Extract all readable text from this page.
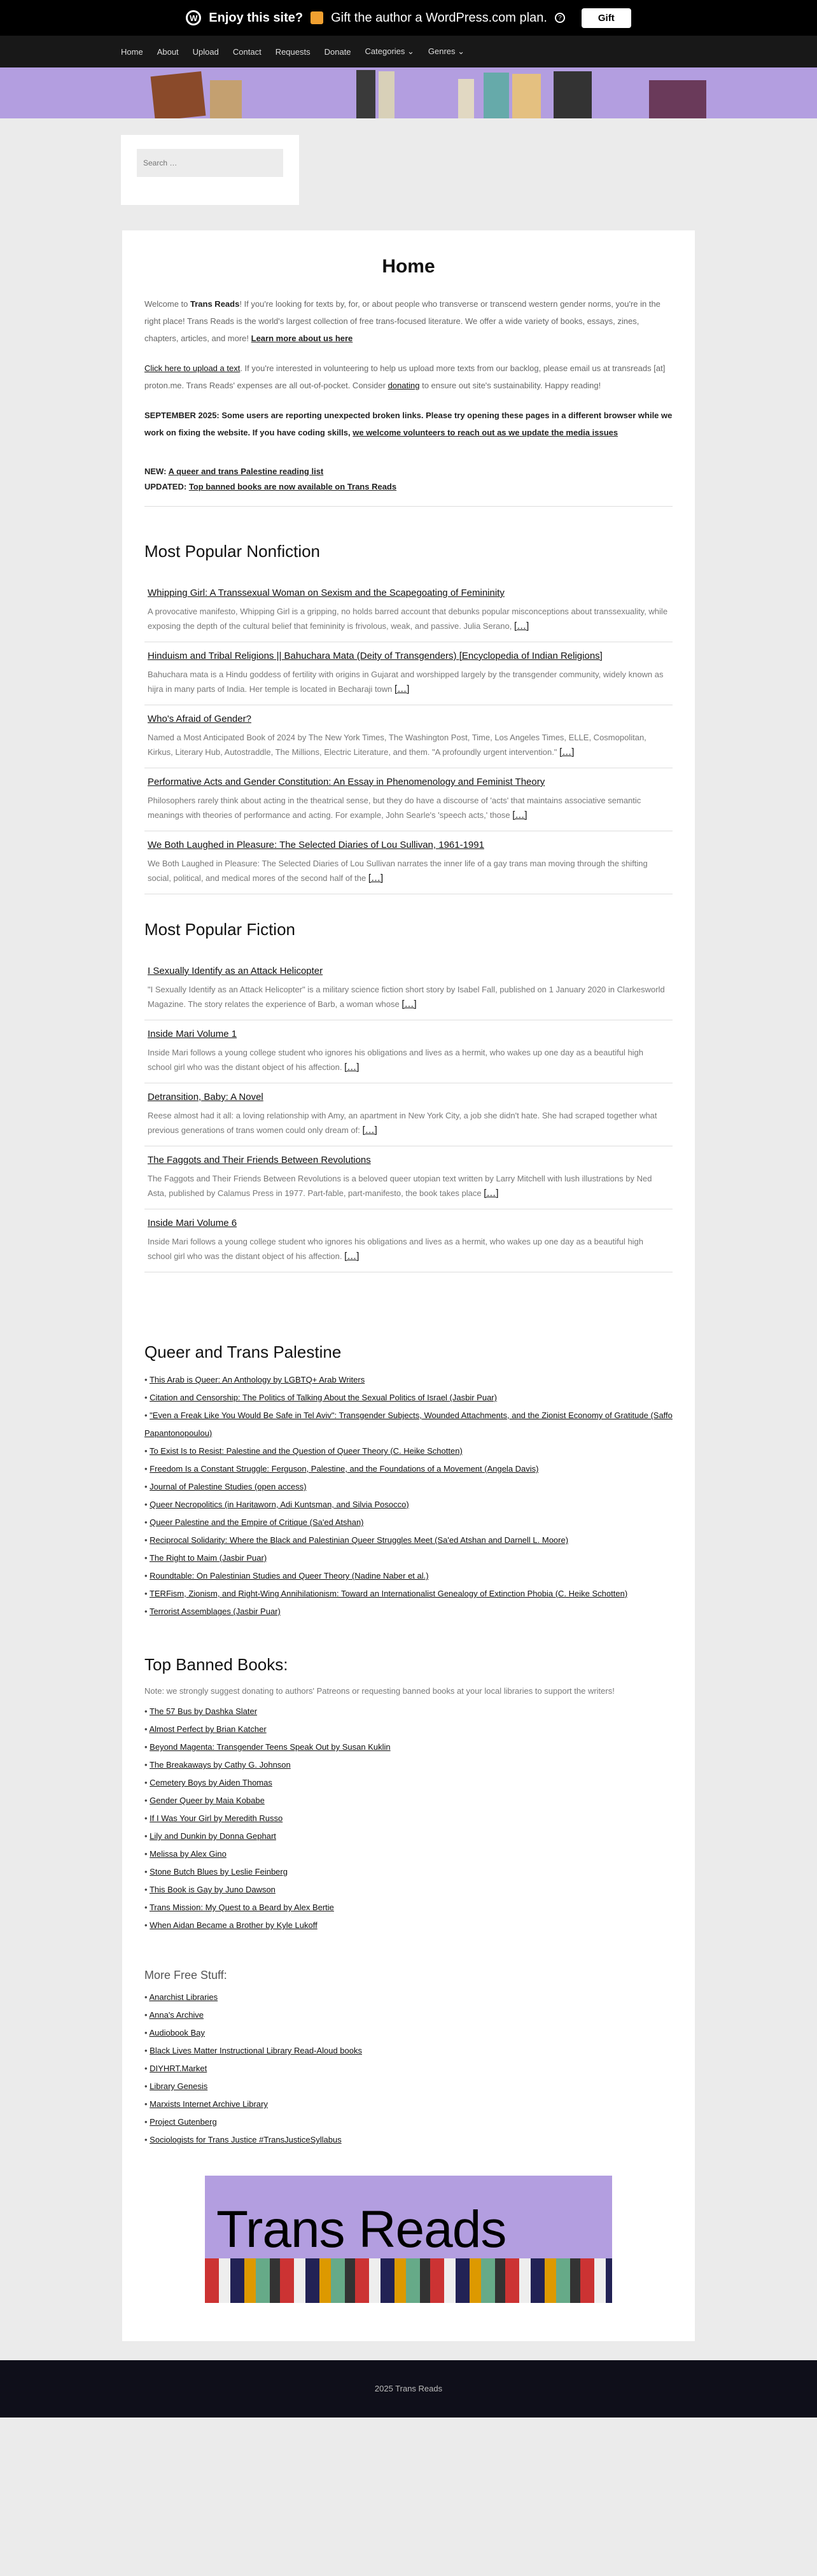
W Enjoy this site? Gift the author a WordPress.com plan.	?	Gift
Home About Upload Contact Requests Donate Categories ⌄ Genres ⌄
Search …
Home

Welcome to Trans Reads! If you're looking for texts by, for, or about people who transverse or transcend western gender norms, you're in the right place! Trans Reads is the world's largest collection of free trans-focused literature. We offer a wide variety of books, essays, zines, chapters, articles, and more! Learn more about us here

Click here to upload a text. If you're interested in volunteering to help us upload more texts from our backlog, please email us at transreads [at] proton.me. Trans Reads' expenses are all out-of-pocket. Consider donating to ensure out site's sustainability. Happy reading!

SEPTEMBER 2025: Some users are reporting unexpected broken links. Please try opening these pages in a different browser while we work on fixing the website. If you have coding skills, we welcome volunteers to reach out as we update the media issues

NEW: A queer and trans Palestine reading list

UPDATED: Top banned books are now available on Trans Reads

Most Popular Nonfiction
Whipping Girl: A Transsexual Woman on Sexism and the Scapegoating of Femininity

A provocative manifesto, Whipping Girl is a gripping, no holds barred account that debunks popular misconceptions about transsexuality, while exposing the depth of the cultural belief that femininity is frivolous, weak, and passive. Julia Serano, […]

Hinduism and Tribal Religions || Bahuchara Mata (Deity of Transgenders) [Encyclopedia of Indian Religions]

Bahuchara mata is a Hindu goddess of fertility with origins in Gujarat and worshipped largely by the transgender community, widely known as hijra in many parts of India. Her temple is located in Becharaji town […]

Who's Afraid of Gender?

Named a Most Anticipated Book of 2024 by The New York Times, The Washington Post, Time, Los Angeles Times, ELLE, Cosmopolitan, Kirkus, Literary Hub, Autostraddle, The Millions, Electric Literature, and them. "A profoundly urgent intervention." […]

Performative Acts and Gender Constitution: An Essay in Phenomenology and Feminist Theory

Philosophers rarely think about acting in the theatrical sense, but they do have a discourse of 'acts' that maintains associative semantic meanings with theories of performance and acting. For example, John Searle's 'speech acts,' those […]

We Both Laughed in Pleasure: The Selected Diaries of Lou Sullivan, 1961-1991

We Both Laughed in Pleasure: The Selected Diaries of Lou Sullivan narrates the inner life of a gay trans man moving through the shifting social, political, and medical mores of the second half of the […]

Most Popular Fiction
I Sexually Identify as an Attack Helicopter

"I Sexually Identify as an Attack Helicopter" is a military science fiction short story by Isabel Fall, published on 1 January 2020 in Clarkesworld Magazine. The story relates the experience of Barb, a woman whose […]

Inside Mari Volume 1

Inside Mari follows a young college student who ignores his obligations and lives as a hermit, who wakes up one day as a beautiful high school girl who was the distant object of his affection. […]

Detransition, Baby: A Novel

Reese almost had it all: a loving relationship with Amy, an apartment in New York City, a job she didn't hate. She had scraped together what previous generations of trans women could only dream of: […]

The Faggots and Their Friends Between Revolutions

The Faggots and Their Friends Between Revolutions is a beloved queer utopian text written by Larry Mitchell with lush illustrations by Ned Asta, published by Calamus Press in 1977. Part-fable, part-manifesto, the book takes place […]

Inside Mari Volume 6

Inside Mari follows a young college student who ignores his obligations and lives as a hermit, who wakes up one day as a beautiful high school girl who was the distant object of his affection. […]

Queer and Trans Palestine
• This Arab is Queer: An Anthology by LGBTQ+ Arab Writers
• Citation and Censorship: The Politics of Talking About the Sexual Politics of Israel (Jasbir Puar)
• "Even a Freak Like You Would Be Safe in Tel Aviv": Transgender Subjects, Wounded Attachments, and the Zionist Economy of Gratitude (Saffo Papantonopoulou)
• To Exist Is to Resist: Palestine and the Question of Queer Theory (C. Heike Schotten)
• Freedom Is a Constant Struggle: Ferguson, Palestine, and the Foundations of a Movement (Angela Davis)
• Journal of Palestine Studies (open access)
• Queer Necropolitics (in Haritaworn, Adi Kuntsman, and Silvia Posocco)
• Queer Palestine and the Empire of Critique (Sa'ed Atshan)
• Reciprocal Solidarity: Where the Black and Palestinian Queer Struggles Meet (Sa'ed Atshan and Darnell L. Moore)
• The Right to Maim (Jasbir Puar)
• Roundtable: On Palestinian Studies and Queer Theory (Nadine Naber et al.)
• TERFism, Zionism, and Right-Wing Annihilationism: Toward an Internationalist Genealogy of Extinction Phobia (C. Heike Schotten)
• Terrorist Assemblages (Jasbir Puar)
Top Banned Books:

Note: we strongly suggest donating to authors' Patreons or requesting banned books at your local libraries to support the writers!

• The 57 Bus by Dashka Slater
• Almost Perfect by Brian Katcher
• Beyond Magenta: Transgender Teens Speak Out by Susan Kuklin
• The Breakaways by Cathy G. Johnson
• Cemetery Boys by Aiden Thomas
• Gender Queer by Maia Kobabe
• If I Was Your Girl by Meredith Russo
• Lily and Dunkin by Donna Gephart
• Melissa by Alex Gino
• Stone Butch Blues by Leslie Feinberg
• This Book is Gay by Juno Dawson
• Trans Mission: My Quest to a Beard by Alex Bertie
• When Aidan Became a Brother by Kyle Lukoff
More Free Stuff:
• Anarchist Libraries
• Anna's Archive
• Audiobook Bay
• Black Lives Matter Instructional Library Read-Aloud books
• DIYHRT.Market
• Library Genesis
• Marxists Internet Archive Library
• Project Gutenberg
• Sociologists for Trans Justice #TransJusticeSyllabus
Trans Reads
2025 Trans Reads
